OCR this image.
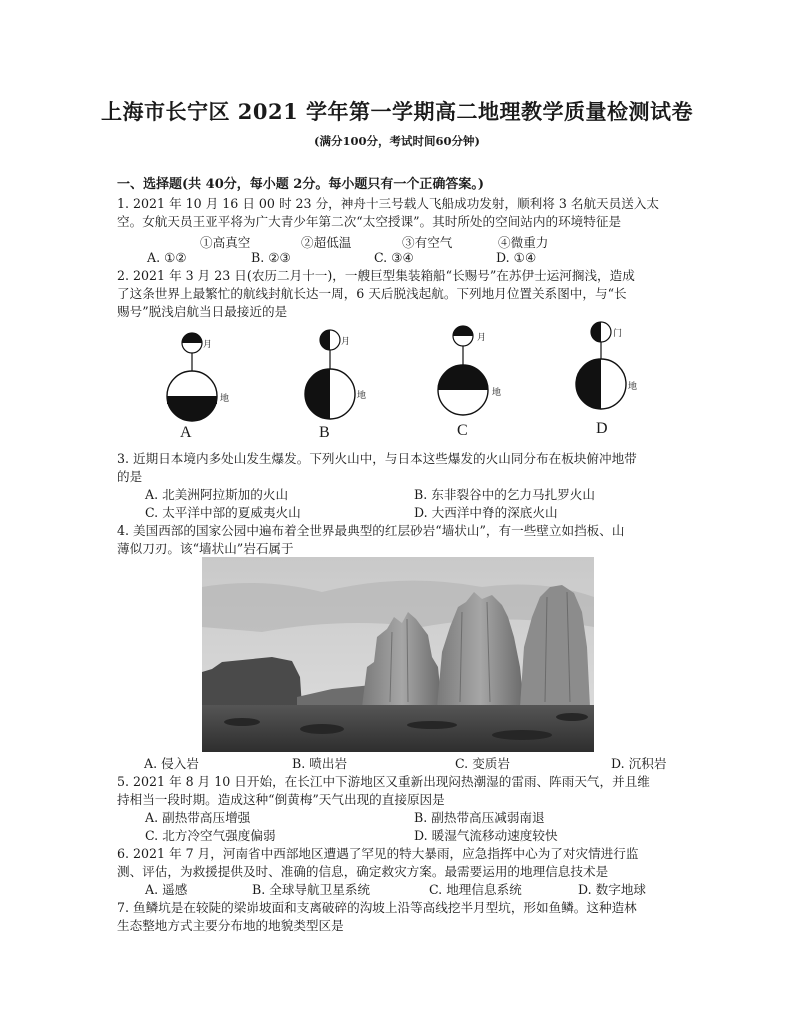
上海市长宁区 2021 学年第一学期高二地理教学质量检测试卷
(满分100分，考试时间60分钟)
一、选择题(共 40分，每小题 2分。每小题只有一个正确答案。)
1. 2021 年 10 月 16 日 00 时 23 分，神舟十三号载人飞船成功发射，顺利将 3 名航天员送入太
空。女航天员王亚平将为广大青少年第二次“太空授课”。其时所处的空间站内的环境特征是
①高真空	②超低温	③有空气	④微重力
A. ①②	B. ②③	C. ③④	D. ①④
2. 2021 年 3 月 23 日(农历二月十一)，一艘巨型集装箱船“长赐号”在苏伊士运河搁浅，造成
了这条世界上最繁忙的航线封航长达一周，6 天后脱浅起航。下列地月位置关系图中，与“长
赐号”脱浅启航当日最接近的是
月
地
月
地
月
地
门
地
A	B	C	D
3. 近期日本境内多处山发生爆发。下列火山中，与日本这些爆发的火山同分布在板块俯冲地带
的是
A. 北美洲阿拉斯加的火山	B. 东非裂谷中的乞力马扎罗火山
C. 太平洋中部的夏威夷火山	D. 大西洋中脊的深底火山
4. 美国西部的国家公园中遍布着全世界最典型的红层砂岩“墙状山”，有一些壁立如挡板、山
薄似刀刃。该“墙状山”岩石属于
A. 侵入岩	B. 喷出岩	C. 变质岩	D. 沉积岩
5. 2021 年 8 月 10 日开始，在长江中下游地区又重新出现闷热潮湿的雷雨、阵雨天气，并且维
持相当一段时期。造成这种“倒黄梅”天气出现的直接原因是
A. 副热带高压增强	B. 副热带高压减弱南退
C. 北方冷空气强度偏弱	D. 暖湿气流移动速度较快
6. 2021 年 7 月，河南省中西部地区遭遇了罕见的特大暴雨，应急指挥中心为了对灾情进行监
测、评估，为救援提供及时、准确的信息，确定救灾方案。最需要运用的地理信息技术是
A. 遥感	B. 全球导航卫星系统	C. 地理信息系统	D. 数字地球
7. 鱼鳞坑是在较陡的梁峁坡面和支离破碎的沟坡上沿等高线挖半月型坑，形如鱼鳞。这种造林
生态整地方式主要分布地的地貌类型区是
